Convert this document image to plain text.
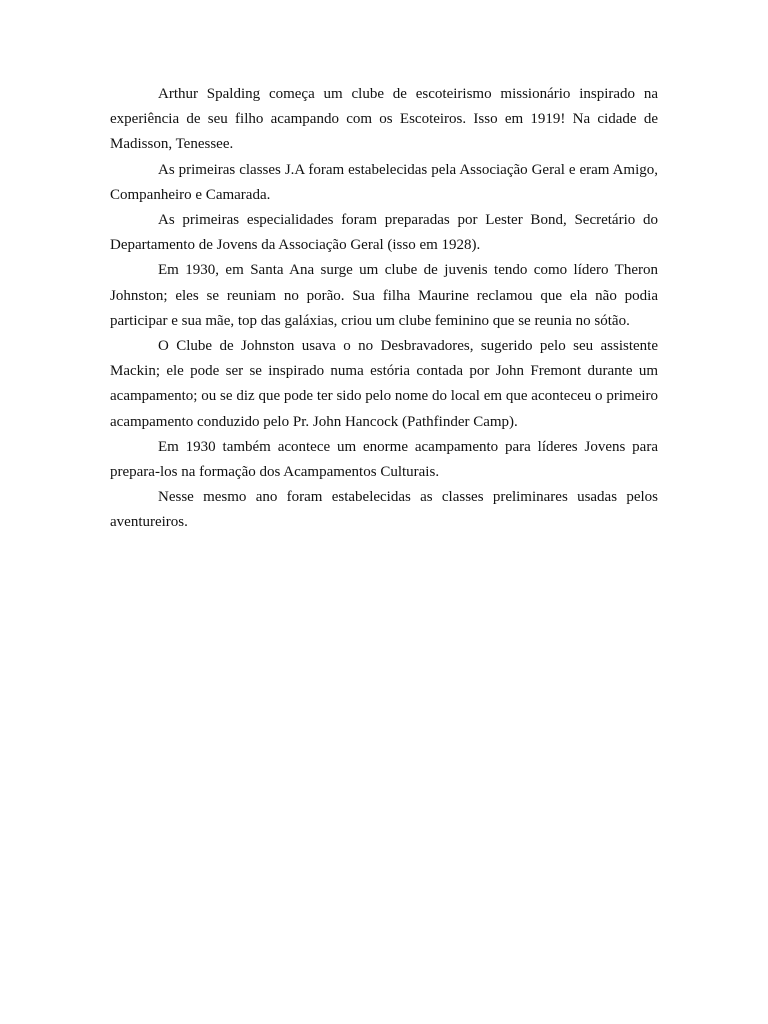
Arthur Spalding começa um clube de escoteirismo missionário inspirado na experiência de seu filho acampando com os Escoteiros. Isso em 1919! Na cidade de Madisson, Tenessee.

As primeiras classes J.A foram estabelecidas pela Associação Geral e eram Amigo, Companheiro e Camarada.

As primeiras especialidades foram preparadas por Lester Bond, Secretário do Departamento de Jovens da Associação Geral (isso em 1928).

Em 1930, em Santa Ana surge um clube de juvenis tendo como lídero Theron Johnston; eles se reuniam no porão. Sua filha Maurine reclamou que ela não podia participar e sua mãe, top das galáxias, criou um clube feminino que se reunia no sótão.

O Clube de Johnston usava o no Desbravadores, sugerido pelo seu assistente Mackin; ele pode ser se inspirado numa estória contada por John Fremont durante um acampamento; ou se diz que pode ter sido pelo nome do local em que aconteceu o primeiro acampamento conduzido pelo Pr. John Hancock (Pathfinder Camp).

Em 1930 também acontece um enorme acampamento para líderes Jovens para prepara-los na formação dos Acampamentos Culturais.

Nesse mesmo ano foram estabelecidas as classes preliminares usadas pelos aventureiros.
